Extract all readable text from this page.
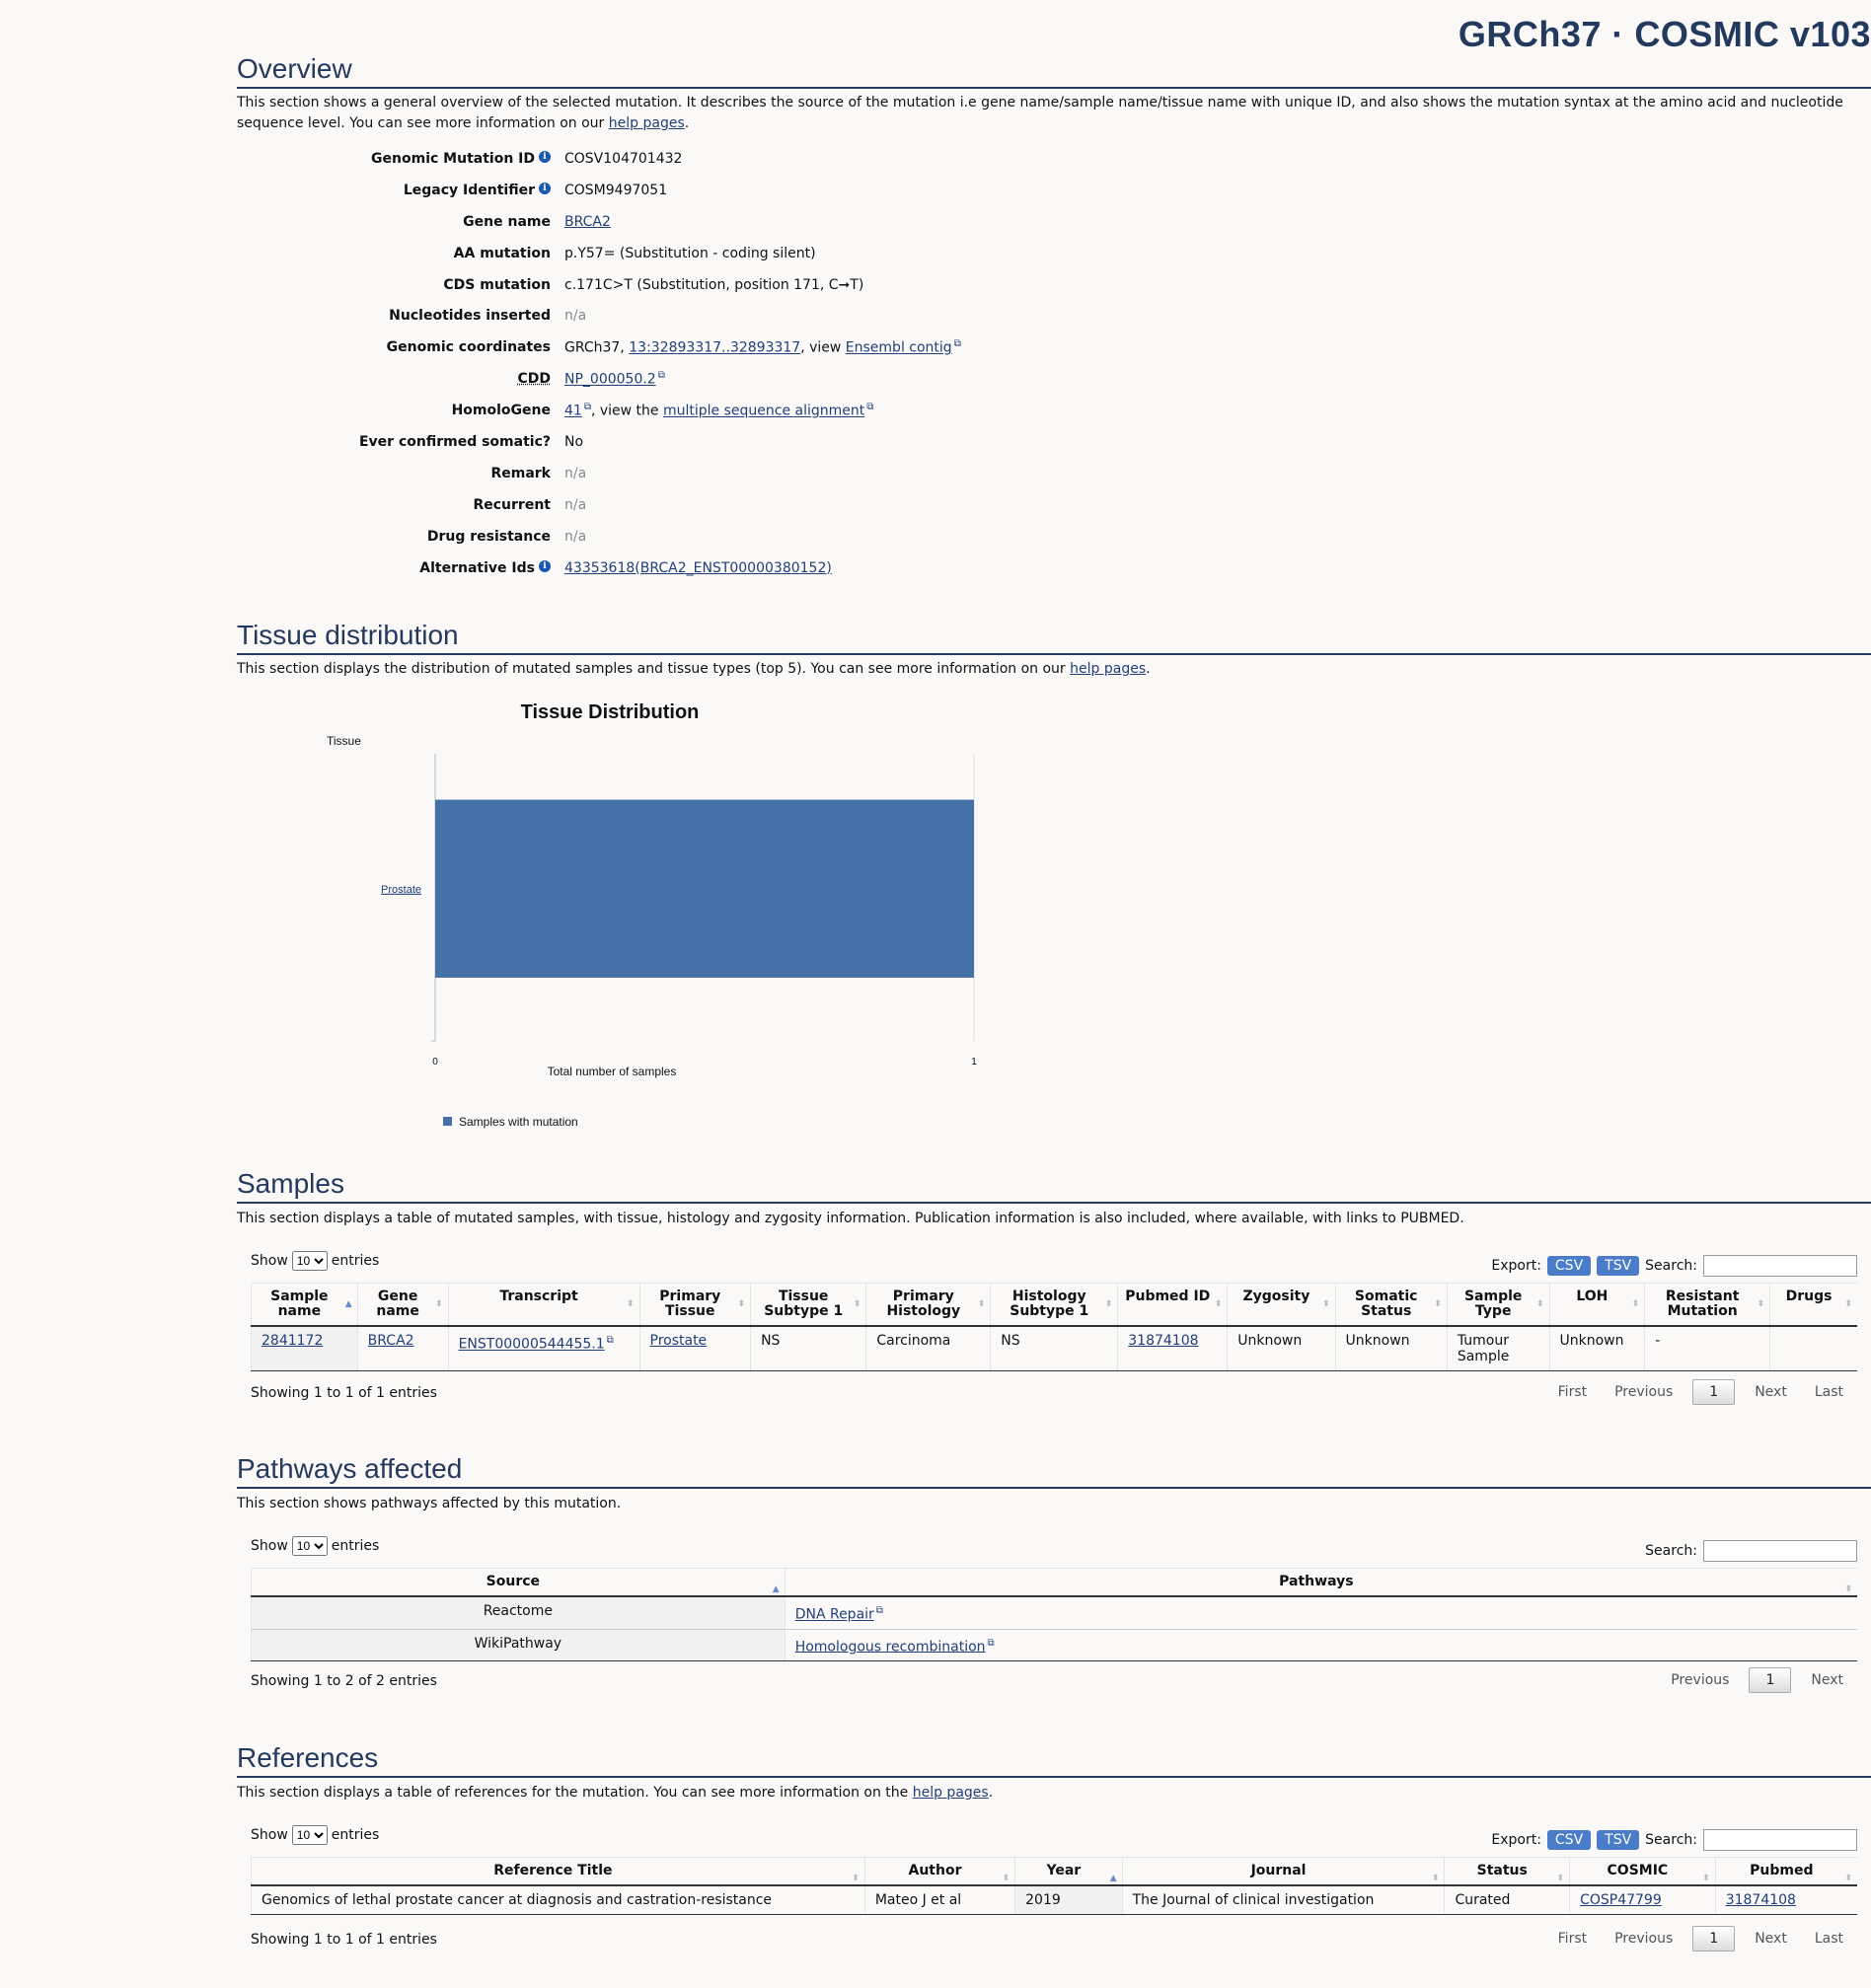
GRCh37 · COSMIC v103
Overview

This section shows a general overview of the selected mutation. It describes the source of the mutation i.e gene name/sample name/tissue name with unique ID, and also shows the mutation syntax at the amino acid and nucleotide sequence level. You can see more information on our help pages.

Genomic Mutation ID i	COSV104701432
Legacy Identifier i	COSM9497051
Gene name	BRCA2
AA mutation	p.Y57= (Substitution - coding silent)
CDS mutation	c.171C>T (Substitution, position 171, C➞T)
Nucleotides inserted	n/a
Genomic coordinates	GRCh37, 13:32893317..32893317, view Ensembl contig ⧉
CDD	NP_000050.2 ⧉
HomoloGene	41 ⧉, view the multiple sequence alignment ⧉
Ever confirmed somatic?	No
Remark	n/a
Recurrent	n/a
Drug resistance	n/a
Alternative Ids i	43353618(BRCA2_ENST00000380152)
Tissue distribution

This section displays the distribution of mutated samples and tissue types (top 5). You can see more information on our help pages.

Tissue Distribution
Tissue
Total number of samples
Prostate
0	1
Samples with mutation
Samples

This section displays a table of mutated samples, with tissue, histology and zygosity information. Publication information is also included, where available, with links to PUBMED.

Show
10	entries	Export:	CSV	TSV	Search:
Sample name ▲	Gene name ⬍	Transcript ⬍	Primary Tissue ⬍	Tissue Subtype 1 ⬍	Primary Histology ⬍	Histology Subtype 1 ⬍	Pubmed ID ⬍	Zygosity ⬍	Somatic Status ⬍	Sample Type ⬍	LOH ⬍	Resistant Mutation ⬍	Drugs ⬍

2841172	BRCA2	ENST00000544455.1 ⧉	Prostate	NS	Carcinoma	NS	31874108	Unknown	Unknown	Tumour Sample	Unknown	-	
Showing 1 to 1 of 1 entries	First	Previous	1	Next	Last
Pathways affected

This section shows pathways affected by this mutation.

Show
10	entries	Search:
Source ▲	Pathways ⬍

Reactome	DNA Repair ⧉
WikiPathway	Homologous recombination ⧉
Showing 1 to 2 of 2 entries	Previous	1	Next
References

This section displays a table of references for the mutation. You can see more information on the help pages.

Show
10	entries	Export:	CSV	TSV	Search:
Reference Title ⬍	Author ⬍	Year ▲	Journal ⬍	Status ⬍	COSMIC ⬍	Pubmed ⬍

Genomics of lethal prostate cancer at diagnosis and castration-resistance	Mateo J et al	2019	The Journal of clinical investigation	Curated	COSP47799	31874108
Showing 1 to 1 of 1 entries	First	Previous	1	Next	Last
